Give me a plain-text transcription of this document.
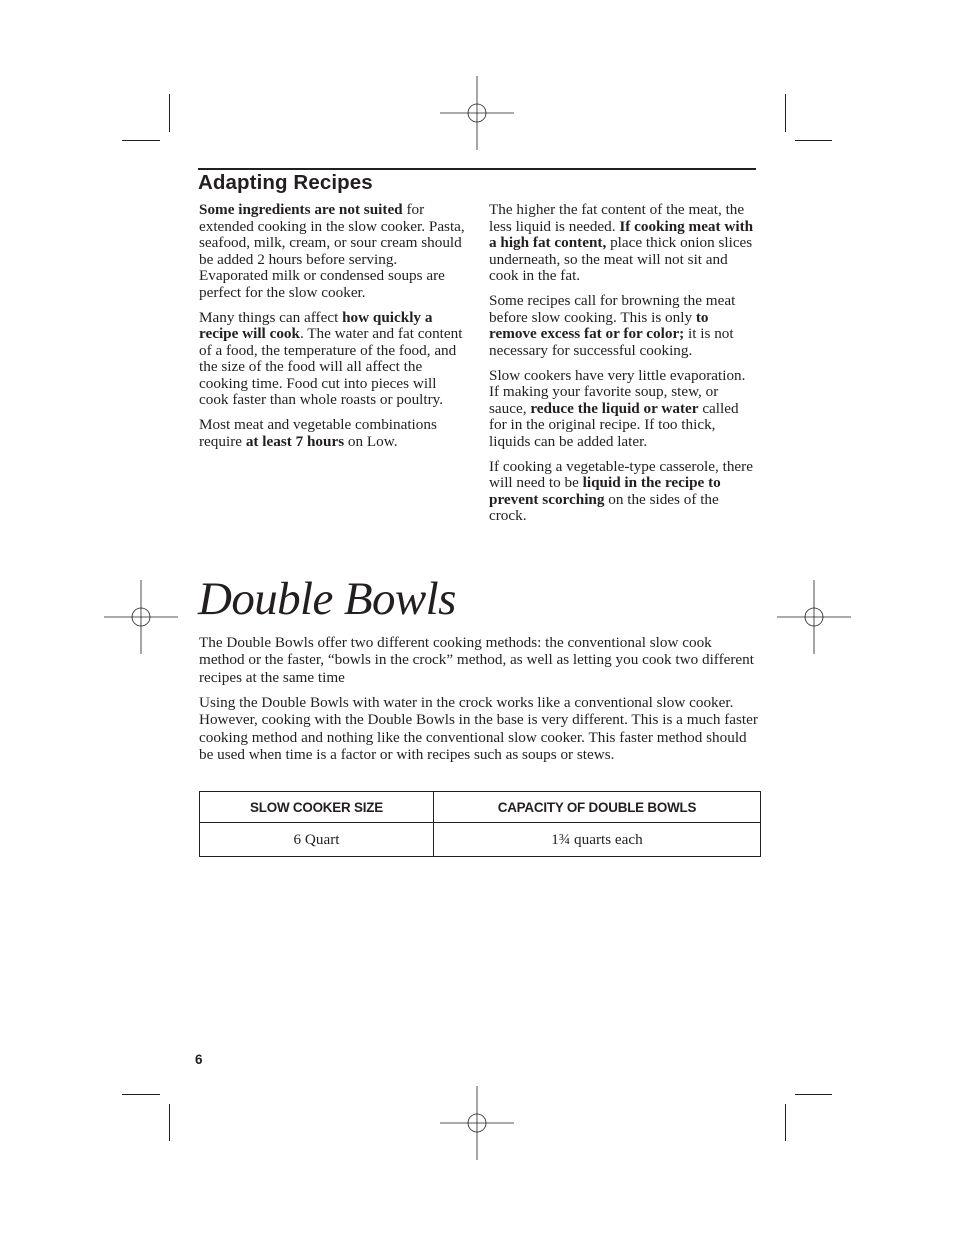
Adapting Recipes

Some ingredients are not suited for extended cooking in the slow cooker. Pasta, seafood, milk, cream, or sour cream should be added 2 hours before serving. Evaporated milk or condensed soups are perfect for the slow cooker.

Many things can affect how quickly a recipe will cook. The water and fat content of a food, the temperature of the food, and the size of the food will all affect the cooking time. Food cut into pieces will cook faster than whole roasts or poultry.

Most meat and vegetable combinations require at least 7 hours on Low.

The higher the fat content of the meat, the less liquid is needed. If cooking meat with a high fat content, place thick onion slices underneath, so the meat will not sit and cook in the fat.

Some recipes call for browning the meat before slow cooking. This is only to remove excess fat or for color; it is not necessary for successful cooking.

Slow cookers have very little evaporation. If making your favorite soup, stew, or sauce, reduce the liquid or water called for in the original recipe. If too thick, liquids can be added later.

If cooking a vegetable-type casserole, there will need to be liquid in the recipe to prevent scorching on the sides of the crock.

Double Bowls

The Double Bowls offer two different cooking methods: the conventional slow cook method or the faster, “bowls in the crock” method, as well as letting you cook two different recipes at the same time

Using the Double Bowls with water in the crock works like a conventional slow cooker. However, cooking with the Double Bowls in the base is very different. This is a much faster cooking method and nothing like the conventional slow cooker. This faster method should be used when time is a factor or with recipes such as soups or stews.

SLOW COOKER SIZE	CAPACITY OF DOUBLE BOWLS
6 Quart	1¾ quarts each
6
